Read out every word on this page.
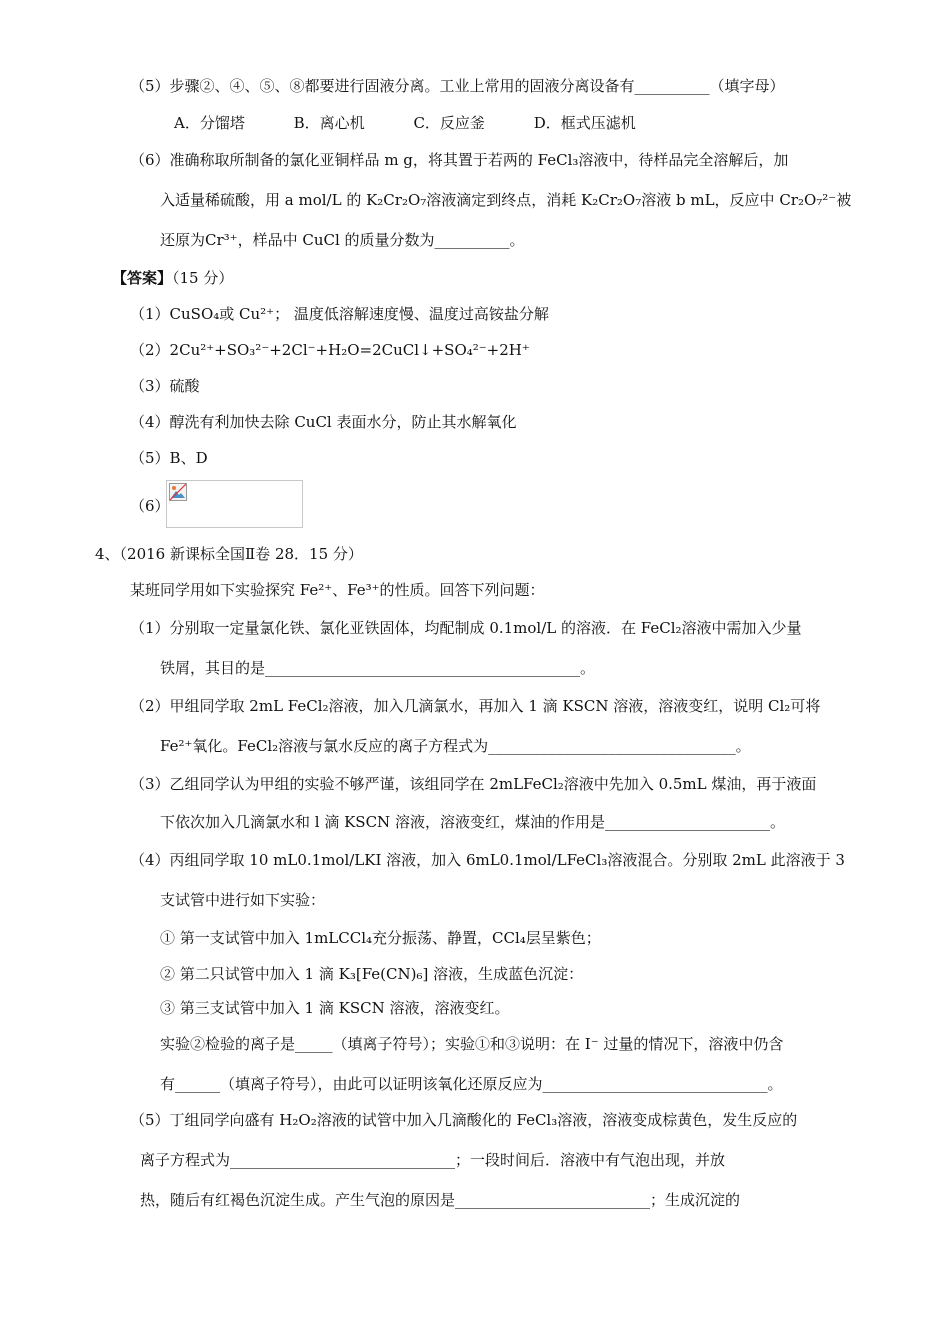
（5）步骤②、④、⑤、⑧都要进行固液分离。工业上常用的固液分离设备有__________（填字母）
A．分馏塔	B．离心机	C．反应釜	D．框式压滤机
（6）准确称取所制备的氯化亚铜样品 m g，将其置于若两的 FeCl₃溶液中，待样品完全溶解后，加
入适量稀硫酸，用 a mol/L 的 K₂Cr₂O₇溶液滴定到终点，消耗 K₂Cr₂O₇溶液 b mL，反应中 Cr₂O₇²⁻被
还原为Cr³⁺，样品中 CuCl 的质量分数为__________。
【答案】（15 分）
（1）CuSO₄或 Cu²⁺； 温度低溶解速度慢、温度过高铵盐分解
（2）2Cu²⁺+SO₃²⁻+2Cl⁻+H₂O=2CuCl↓+SO₄²⁻+2H⁺
（3）硫酸
（4）醇洗有利加快去除 CuCl 表面水分，防止其水解氧化
（5）B、D
（6）
4、（2016 新课标全国Ⅱ卷 28．15 分）
某班同学用如下实验探究 Fe²⁺、Fe³⁺的性质。回答下列问题：
（1）分别取一定量氯化铁、氯化亚铁固体，均配制成 0.1mol/L 的溶液．在 FeCl₂溶液中需加入少量
铁屑，其目的是__________________________________________。
（2）甲组同学取 2mL FeCl₂溶液，加入几滴氯水，再加入 1 滴 KSCN 溶液，溶液变红，说明 Cl₂可将
Fe²⁺氧化。FeCl₂溶液与氯水反应的离子方程式为_________________________________。
（3）乙组同学认为甲组的实验不够严谨，该组同学在 2mLFeCl₂溶液中先加入 0.5mL 煤油，再于液面
下依次加入几滴氯水和 l 滴 KSCN 溶液，溶液变红，煤油的作用是______________________。
（4）丙组同学取 10 mL0.1mol/LKI 溶液，加入 6mL0.1mol/LFeCl₃溶液混合。分别取 2mL 此溶液于 3
支试管中进行如下实验：
① 第一支试管中加入 1mLCCl₄充分振荡、静置，CCl₄层呈紫色；
② 第二只试管中加入 1 滴 K₃[Fe(CN)₆] 溶液，生成蓝色沉淀：
③ 第三支试管中加入 1 滴 KSCN 溶液，溶液变红。
实验②检验的离子是_____（填离子符号）；实验①和③说明：在 I⁻ 过量的情况下，溶液中仍含
有______（填离子符号），由此可以证明该氧化还原反应为______________________________。
（5）丁组同学向盛有 H₂O₂溶液的试管中加入几滴酸化的 FeCl₃溶液，溶液变成棕黄色，发生反应的
离子方程式为______________________________；一段时间后．溶液中有气泡出现，并放
热，随后有红褐色沉淀生成。产生气泡的原因是__________________________；生成沉淀的
